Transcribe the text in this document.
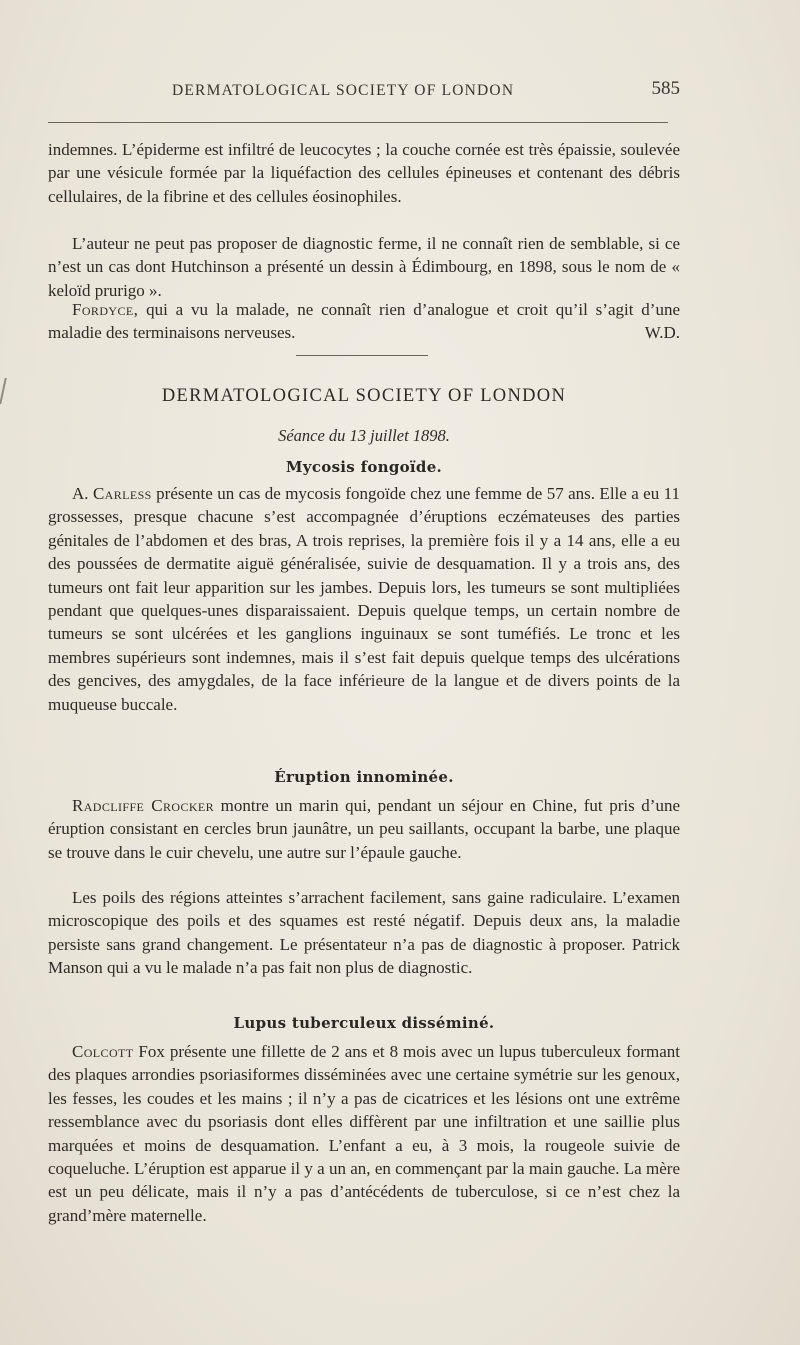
DERMATOLOGICAL SOCIETY OF LONDON	585

indemnes. L’épiderme est infiltré de leucocytes ; la couche cornée est très épaissie, soulevée par une vésicule formée par la liquéfaction des cellules épineuses et contenant des débris cellulaires, de la fibrine et des cellules éosinophiles.

L’auteur ne peut pas proposer de diagnostic ferme, il ne connaît rien de semblable, si ce n’est un cas dont Hutchinson a présenté un dessin à Édimbourg, en 1898, sous le nom de « keloïd prurigo ».

Fordyce, qui a vu la malade, ne connaît rien d’analogue et croit qu’il s’agit d’une maladie des terminaisons nerveuses.	W.D.
DERMATOLOGICAL SOCIETY OF LONDON
Séance du 13 juillet 1898.
Mycosis fongoïde.

A. Carless présente un cas de mycosis fongoïde chez une femme de 57 ans. Elle a eu 11 grossesses, presque chacune s’est accompagnée d’éruptions eczémateuses des parties génitales de l’abdomen et des bras, A trois reprises, la première fois il y a 14 ans, elle a eu des poussées de dermatite aiguë généralisée, suivie de desquamation. Il y a trois ans, des tumeurs ont fait leur apparition sur les jambes. Depuis lors, les tumeurs se sont multipliées pendant que quelques-unes disparaissaient. Depuis quelque temps, un certain nombre de tumeurs se sont ulcérées et les ganglions inguinaux se sont tuméfiés. Le tronc et les membres supérieurs sont indemnes, mais il s’est fait depuis quelque temps des ulcérations des gencives, des amygdales, de la face inférieure de la langue et de divers points de la muqueuse buccale.

Éruption innominée.

Radcliffe Crocker montre un marin qui, pendant un séjour en Chine, fut pris d’une éruption consistant en cercles brun jaunâtre, un peu saillants, occupant la barbe, une plaque se trouve dans le cuir chevelu, une autre sur l’épaule gauche.

Les poils des régions atteintes s’arrachent facilement, sans gaine radiculaire. L’examen microscopique des poils et des squames est resté négatif. Depuis deux ans, la maladie persiste sans grand changement. Le présentateur n’a pas de diagnostic à proposer. Patrick Manson qui a vu le malade n’a pas fait non plus de diagnostic.

Lupus tuberculeux disséminé.

Colcott Fox présente une fillette de 2 ans et 8 mois avec un lupus tuberculeux formant des plaques arrondies psoriasiformes disséminées avec une certaine symétrie sur les genoux, les fesses, les coudes et les mains ; il n’y a pas de cicatrices et les lésions ont une extrême ressemblance avec du psoriasis dont elles diffèrent par une infiltration et une saillie plus marquées et moins de desquamation. L’enfant a eu, à 3 mois, la rougeole suivie de coqueluche. L’éruption est apparue il y a un an, en commençant par la main gauche. La mère est un peu délicate, mais il n’y a pas d’antécédents de tuberculose, si ce n’est chez la grand’mère maternelle.
